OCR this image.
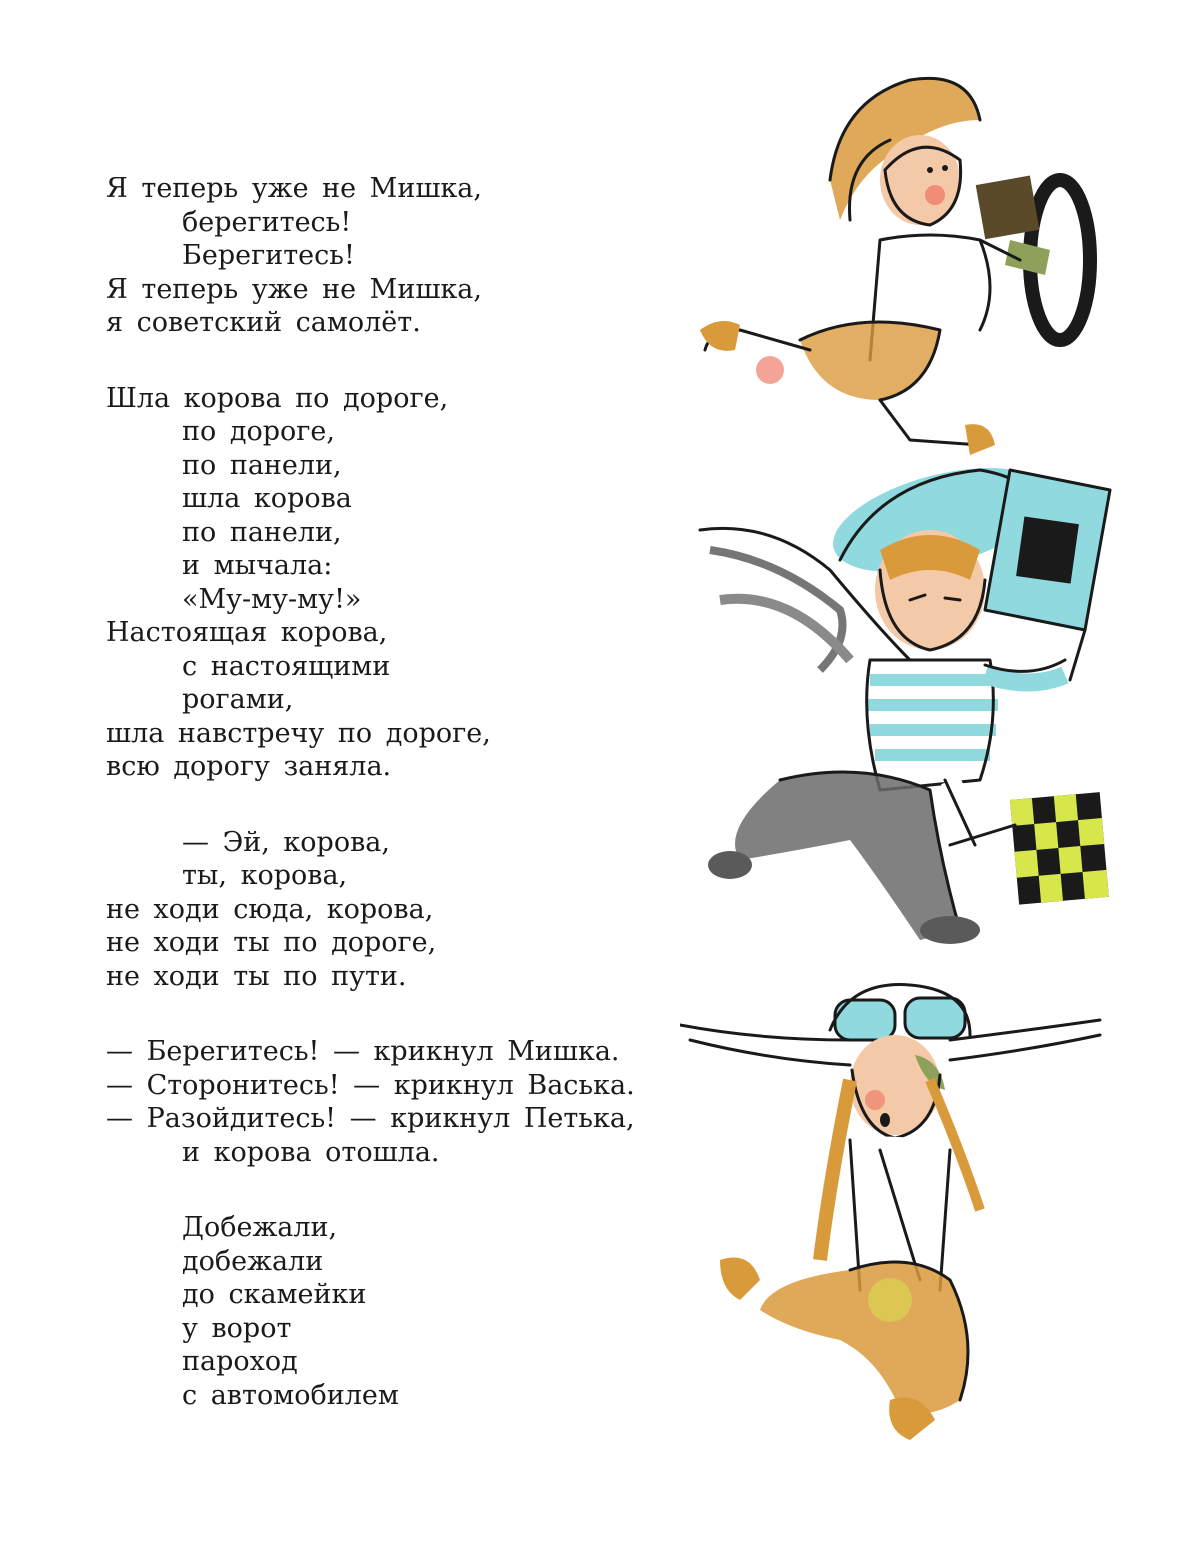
Я теперь уже не Мишка,
берегитесь!
Берегитесь!
Я теперь уже не Мишка,
я советский самолёт.
Шла корова по дороге,
по дороге,
по панели,
шла корова
по панели,
и мычала:
«Му-му-му!»
Настоящая корова,
с настоящими
рогами,
шла навстречу по дороге,
всю дорогу заняла.
— Эй, корова,
ты, корова,
не ходи сюда, корова,
не ходи ты по дороге,
не ходи ты по пути.
— Берегитесь! — крикнул Мишка.
— Сторонитесь! — крикнул Васька.
— Разойдитесь! — крикнул Петька,
и корова отошла.
Добежали,
добежали
до скамейки
у ворот
пароход
с автомобилем
